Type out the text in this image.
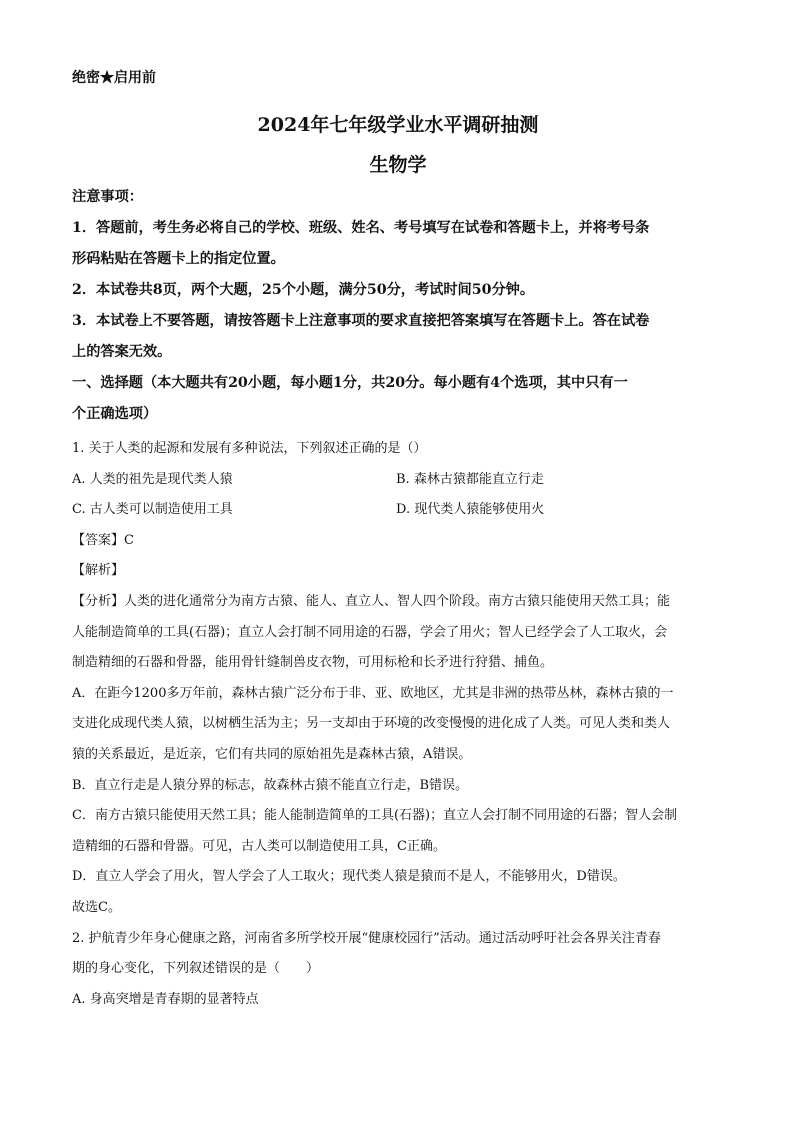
绝密★启用前

2024年七年级学业水平调研抽测

生物学

注意事项：

1．答题前，考生务必将自己的学校、班级、姓名、考号填写在试卷和答题卡上，并将考号条

形码粘贴在答题卡上的指定位置。

2．本试卷共8页，两个大题，25个小题，满分50分，考试时间50分钟。

3．本试卷上不要答题，请按答题卡上注意事项的要求直接把答案填写在答题卡上。答在试卷

上的答案无效。

一、选择题（本大题共有20小题，每小题1分，共20分。每小题有4个选项，其中只有一

个正确选项）

1. 关于人类的起源和发展有多种说法，下列叙述正确的是（）

A. 人类的祖先是现代类人猿	B. 森林古猿都能直立行走
C. 古人类可以制造使用工具	D. 现代类人猿能够使用火

【答案】C

【解析】

【分析】人类的进化通常分为南方古猿、能人、直立人、智人四个阶段。南方古猿只能使用天然工具；能

人能制造简单的工具(石器)；直立人会打制不同用途的石器，学会了用火；智人已经学会了人工取火，会

制造精细的石器和骨器，能用骨针缝制兽皮衣物，可用标枪和长矛进行狩猎、捕鱼。

A．在距今1200多万年前，森林古猿广泛分布于非、亚、欧地区，尤其是非洲的热带丛林，森林古猿的一

支进化成现代类人猿，以树栖生活为主；另一支却由于环境的改变慢慢的进化成了人类。可见人类和类人

猿的关系最近，是近亲，它们有共同的原始祖先是森林古猿，A错误。

B．直立行走是人猿分界的标志，故森林古猿不能直立行走，B错误。

C．南方古猿只能使用天然工具；能人能制造简单的工具(石器)；直立人会打制不同用途的石器；智人会制

造精细的石器和骨器。可见，古人类可以制造使用工具，C正确。

D．直立人学会了用火，智人学会了人工取火；现代类人猿是猿而不是人，不能够用火，D错误。

故选C。

2. 护航青少年身心健康之路，河南省多所学校开展“健康校园行”活动。通过活动呼吁社会各界关注青春

期的身心变化，下列叙述错误的是（　　）

A. 身高突增是青春期的显著特点
